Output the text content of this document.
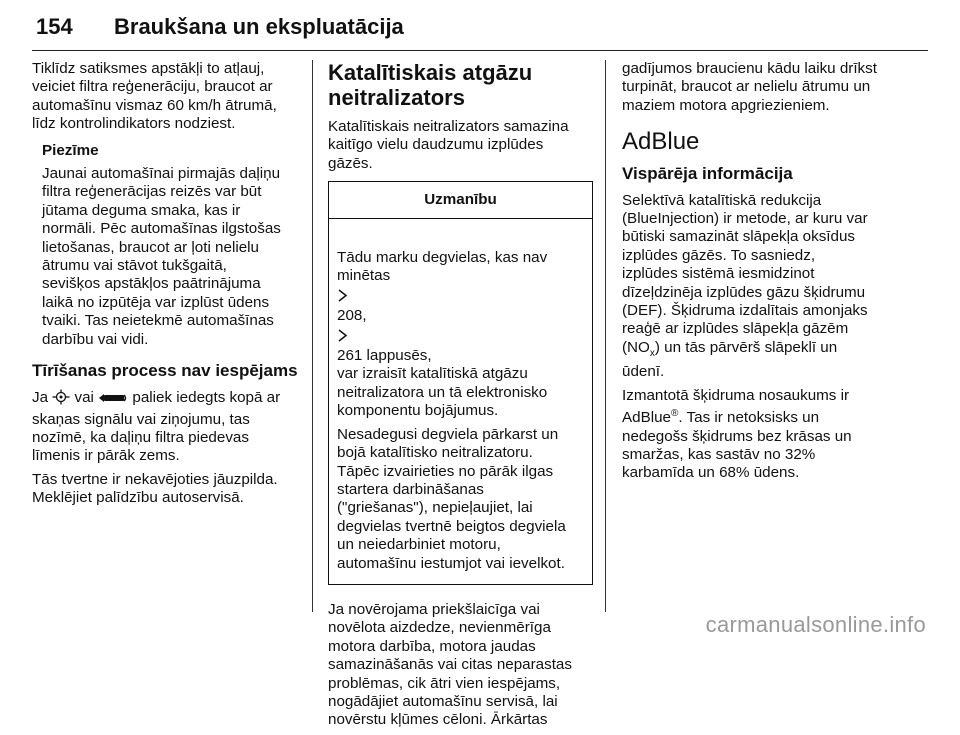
154 Braukšana un ekspluatācija

Tiklīdz satiksmes apstākļi to atļauj,
veiciet filtra reģenerāciju, braucot ar
automašīnu vismaz 60 km/h ātrumā,
līdz kontrolindikators nodziest.

Piezīme

Jaunai automašīnai pirmajās daļiņu
filtra reģenerācijas reizēs var būt
jūtama deguma smaka, kas ir
normāli. Pēc automašīnas ilgstošas
lietošanas, braucot ar ļoti nelielu
ātrumu vai stāvot tukšgaitā,
sevišķos apstākļos paātrinājuma
laikā no izpūtēja var izplūst ūdens
tvaiki. Tas neietekmē automašīnas
darbību vai vidi.

Tīrīšanas process nav iespējams

Ja vai	paliek iedegts kopā ar
skaņas signālu vai ziņojumu, tas
nozīmē, ka daļiņu filtra piedevas
līmenis ir pārāk zems.

Tās tvertne ir nekavējoties jāuzpilda.
Meklējiet palīdzību autoservisā.

Katalītiskais atgāzu
neitralizators

Katalītiskais neitralizators samazina
kaitīgo vielu daudzumu izplūdes
gāzēs.

Uzmanību

Tādu marku degvielas, kas nav
minētas

208,

261 lappusēs,
var izraisīt katalītiskā atgāzu
neitralizatora un tā elektronisko
komponentu bojājumus.

Nesadegusi degviela pārkarst un
bojā katalītisko neitralizatoru.
Tāpēc izvairieties no pārāk ilgas
startera darbināšanas
("griešanas"), nepieļaujiet, lai
degvielas tvertnē beigtos degviela
un neiedarbiniet motoru,
automašīnu iestumjot vai ievelkot.

Ja novērojama priekšlaicīga vai
novēlota aizdedze, nevienmērīga
motora darbība, motora jaudas
samazināšanās vai citas neparastas
problēmas, cik ātri vien iespējams,
nogādājiet automašīnu servisā, lai
novērstu kļūmes cēloni. Ārkārtas

gadījumos braucienu kādu laiku drīkst
turpināt, braucot ar nelielu ātrumu un
maziem motora apgriezieniem.

AdBlue
Vispārēja informācija

Selektīvā katalītiskā redukcija
(BlueInjection) ir metode, ar kuru var
būtiski samazināt slāpekļa oksīdus
izplūdes gāzēs. To sasniedz,
izplūdes sistēmā iesmidzinot
dīzeļdzinēja izplūdes gāzu šķidrumu
(DEF). Šķidruma izdalītais amonjaks
reaģē ar izplūdes slāpekļa gāzēm
$(NO_x)$ un tās pārvērš slāpeklī un
ūdenī.

Izmantotā šķidruma nosaukums ir
AdBlue®. Tas ir netoksisks un
nedegošs šķidrums bez krāsas un
smaržas, kas sastāv no 32%
karbamīda un 68% ūdens.

carmanualsonline.info
